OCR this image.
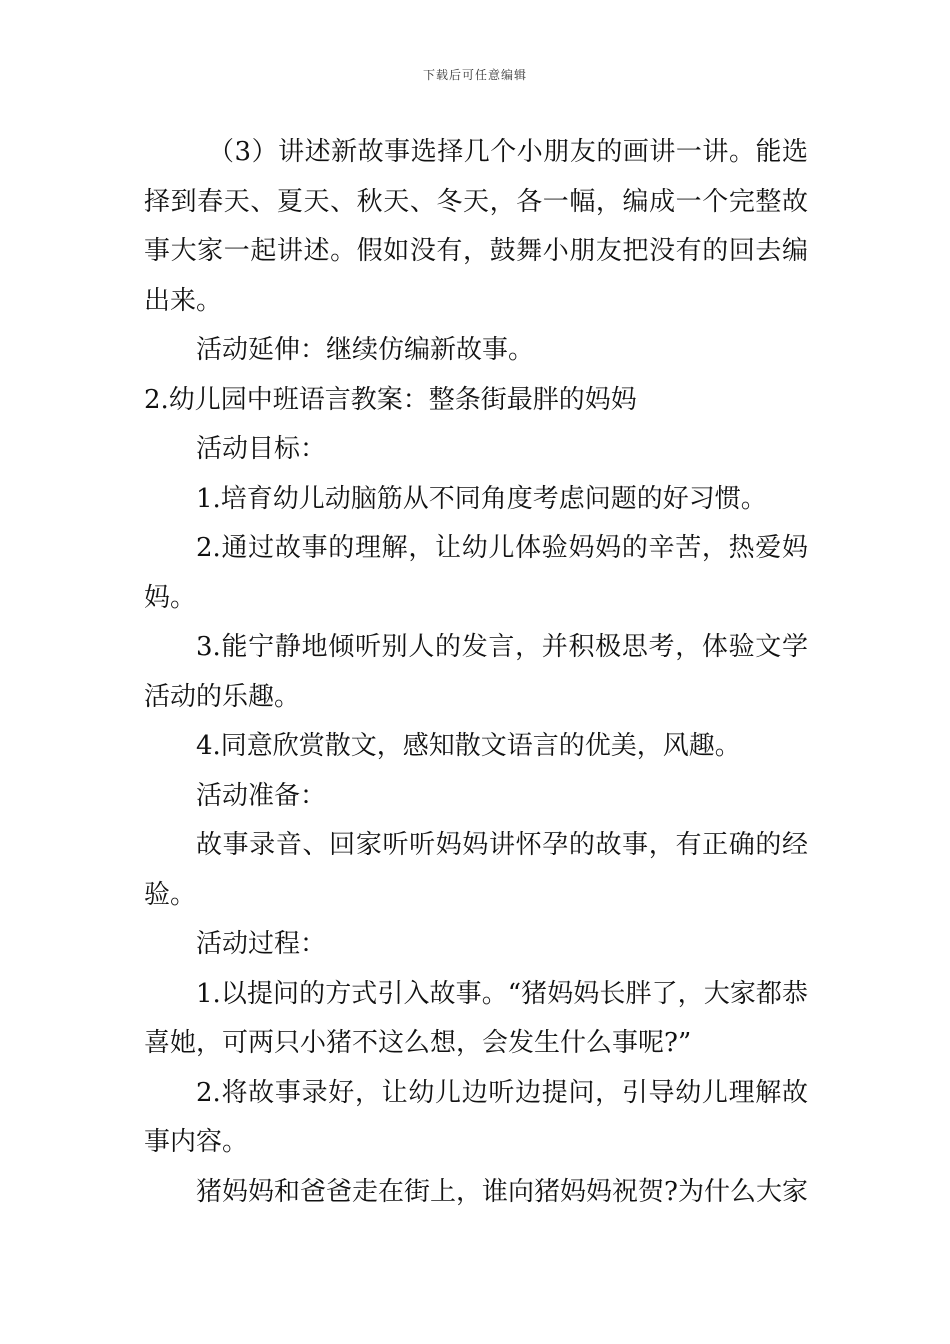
下载后可任意编辑

（3）讲述新故事选择几个小朋友的画讲一讲。能选择到春天、夏天、秋天、冬天，各一幅，编成一个完整故事大家一起讲述。假如没有，鼓舞小朋友把没有的回去编出来。

活动延伸：继续仿编新故事。

2.幼儿园中班语言教案：整条街最胖的妈妈

活动目标：

1.培育幼儿动脑筋从不同角度考虑问题的好习惯。

2.通过故事的理解，让幼儿体验妈妈的辛苦，热爱妈妈。

3.能宁静地倾听别人的发言，并积极思考，体验文学活动的乐趣。

4.同意欣赏散文，感知散文语言的优美，风趣。

活动准备：

故事录音、回家听听妈妈讲怀孕的故事，有正确的经验。

活动过程：

1.以提问的方式引入故事。“猪妈妈长胖了，大家都恭喜她，可两只小猪不这么想，会发生什么事呢?”

2.将故事录好，让幼儿边听边提问，引导幼儿理解故事内容。

猪妈妈和爸爸走在街上，谁向猪妈妈祝贺?为什么大家
